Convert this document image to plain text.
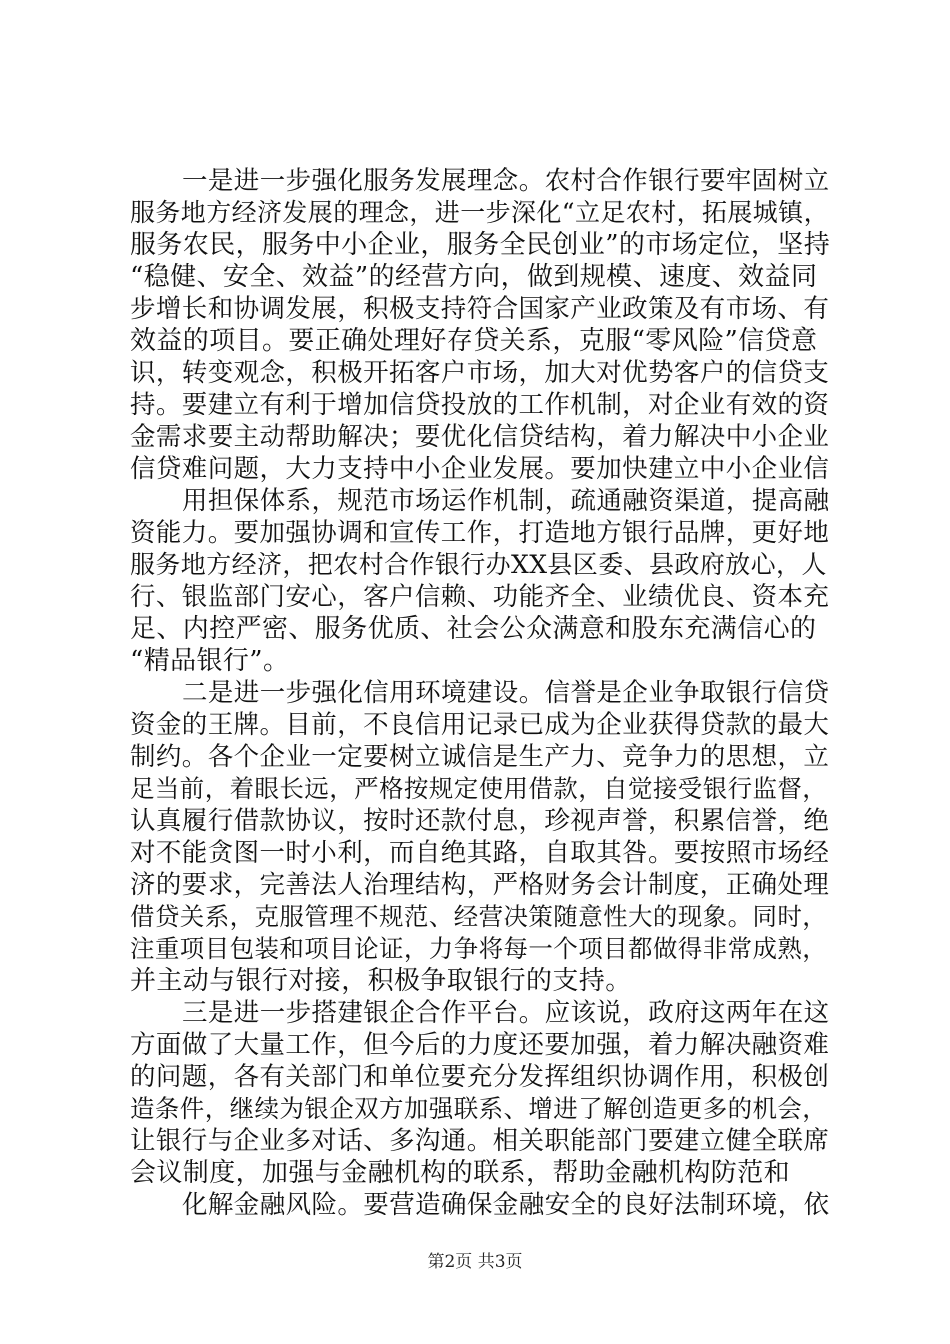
一是进一步强化服务发展理念。农村合作银行要牢固树立
服务地方经济发展的理念，进一步深化“立足农村，拓展城镇，
服务农民，服务中小企业，服务全民创业”的市场定位，坚持
“稳健、安全、效益”的经营方向，做到规模、速度、效益同
步增长和协调发展，积极支持符合国家产业政策及有市场、有
效益的项目。要正确处理好存贷关系，克服“零风险”信贷意
识，转变观念，积极开拓客户市场，加大对优势客户的信贷支
持。要建立有利于增加信贷投放的工作机制，对企业有效的资
金需求要主动帮助解决；要优化信贷结构，着力解决中小企业
信贷难问题，大力支持中小企业发展。要加快建立中小企业信
用担保体系，规范市场运作机制，疏通融资渠道，提高融
资能力。要加强协调和宣传工作，打造地方银行品牌，更好地
服务地方经济，把农村合作银行办XX县区委、县政府放心，人
行、银监部门安心，客户信赖、功能齐全、业绩优良、资本充
足、内控严密、服务优质、社会公众满意和股东充满信心的
“精品银行”。
二是进一步强化信用环境建设。信誉是企业争取银行信贷
资金的王牌。目前，不良信用记录已成为企业获得贷款的最大
制约。各个企业一定要树立诚信是生产力、竞争力的思想，立
足当前，着眼长远，严格按规定使用借款，自觉接受银行监督，
认真履行借款协议，按时还款付息，珍视声誉，积累信誉，绝
对不能贪图一时小利，而自绝其路，自取其咎。要按照市场经
济的要求，完善法人治理结构，严格财务会计制度，正确处理
借贷关系，克服管理不规范、经营决策随意性大的现象。同时，
注重项目包装和项目论证，力争将每一个项目都做得非常成熟，
并主动与银行对接，积极争取银行的支持。
三是进一步搭建银企合作平台。应该说，政府这两年在这
方面做了大量工作，但今后的力度还要加强，着力解决融资难
的问题，各有关部门和单位要充分发挥组织协调作用，积极创
造条件，继续为银企双方加强联系、增进了解创造更多的机会，
让银行与企业多对话、多沟通。相关职能部门要建立健全联席
会议制度，加强与金融机构的联系，帮助金融机构防范和
化解金融风险。要营造确保金融安全的良好法制环境，依
第2页 共3页
